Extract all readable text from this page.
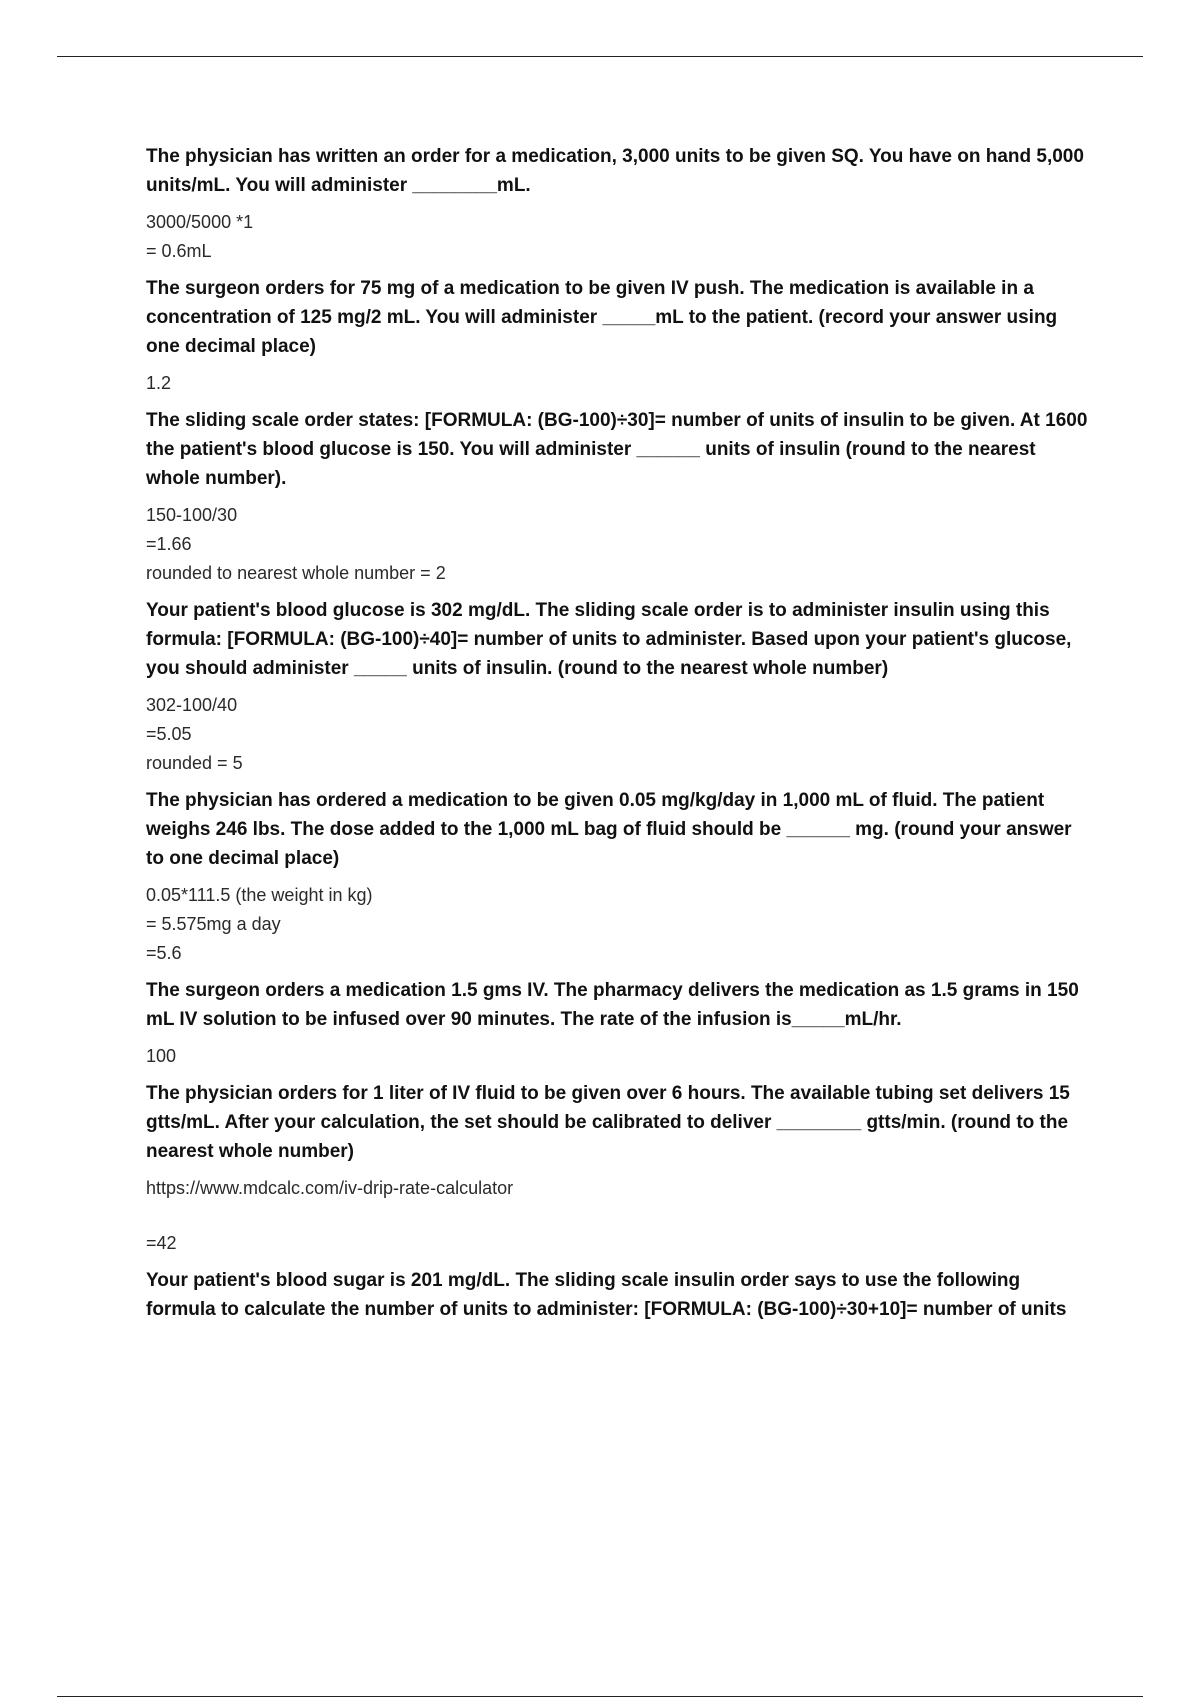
The physician has written an order for a medication, 3,000 units to be given SQ. You have on hand 5,000 units/mL. You will administer ________mL.

3000/5000 *1
= 0.6mL

The surgeon orders for 75 mg of a medication to be given IV push. The medication is available in a concentration of 125 mg/2 mL. You will administer _____mL to the patient. (record your answer using one decimal place)

1.2

The sliding scale order states: [FORMULA: (BG-100)÷30]= number of units of insulin to be given. At 1600 the patient's blood glucose is 150. You will administer ______ units of insulin (round to the nearest whole number).

150-100/30
=1.66
rounded to nearest whole number = 2

Your patient's blood glucose is 302 mg/dL. The sliding scale order is to administer insulin using this formula: [FORMULA: (BG-100)÷40]= number of units to administer. Based upon your patient's glucose, you should administer _____ units of insulin. (round to the nearest whole number)

302-100/40
=5.05
rounded = 5

The physician has ordered a medication to be given 0.05 mg/kg/day in 1,000 mL of fluid. The patient weighs 246 lbs. The dose added to the 1,000 mL bag of fluid should be ______ mg. (round your answer to one decimal place)

0.05*111.5 (the weight in kg)
= 5.575mg a day
=5.6

The surgeon orders a medication 1.5 gms IV. The pharmacy delivers the medication as 1.5 grams in 150 mL IV solution to be infused over 90 minutes. The rate of the infusion is_____mL/hr.

100

The physician orders for 1 liter of IV fluid to be given over 6 hours. The available tubing set delivers 15 gtts/mL. After your calculation, the set should be calibrated to deliver ________ gtts/min. (round to the nearest whole number)

https://www.mdcalc.com/iv-drip-rate-calculator
=42

Your patient's blood sugar is 201 mg/dL. The sliding scale insulin order says to use the following formula to calculate the number of units to administer: [FORMULA: (BG-100)÷30+10]= number of units
